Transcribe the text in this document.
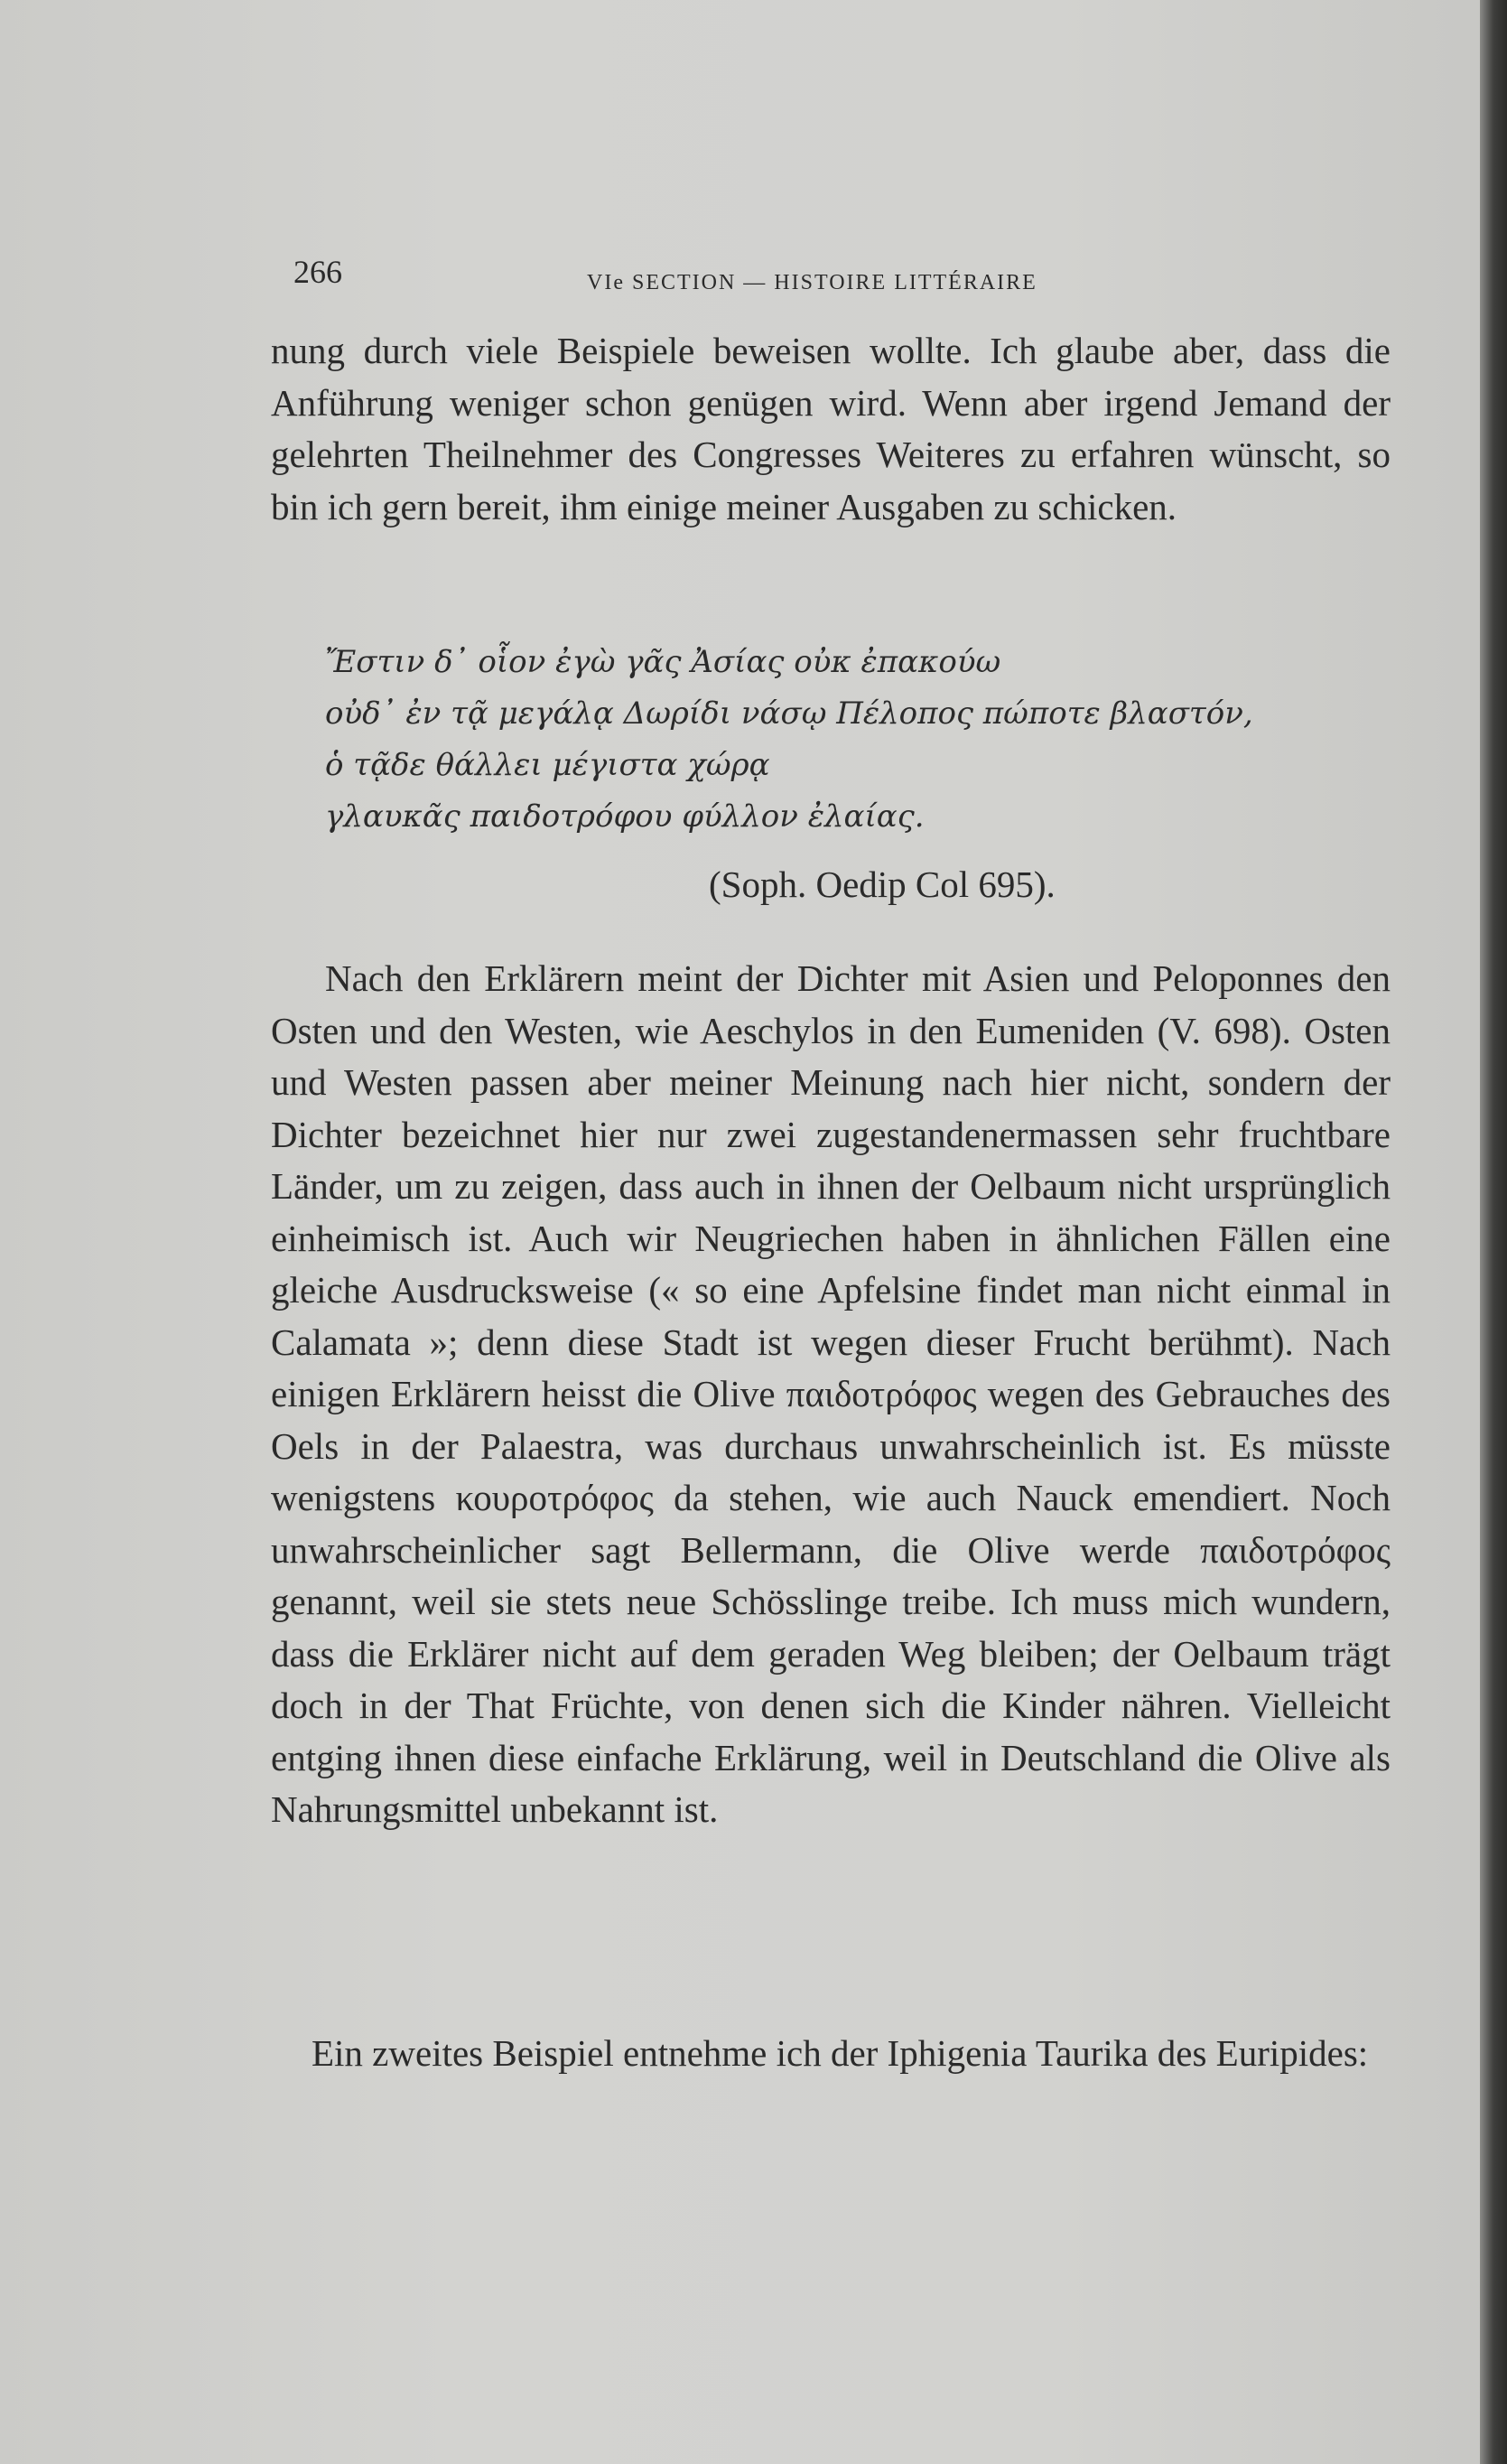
266	VIe SECTION — HISTOIRE LITTÉRAIRE

nung durch viele Beispiele beweisen wollte. Ich glaube aber, dass die Anführung weniger schon genügen wird. Wenn aber irgend Jemand der gelehrten Theilnehmer des Congresses Weiteres zu erfahren wünscht, so bin ich gern bereit, ihm einige meiner Ausgaben zu schicken.

Ἔστιν δ᾽ οἷον ἐγὼ γᾶς Ἀσίας οὐκ ἐπακούω
οὐδ᾽ ἐν τᾷ μεγάλᾳ Δωρίδι νάσῳ Πέλοπος πώποτε βλαστόν,
ὁ τᾷδε θάλλει μέγιστα χώρᾳ
γλαυκᾶς παιδοτρόφου φύλλον ἐλαίας.
(Soph. Oedip Col 695).

Nach den Erklärern meint der Dichter mit Asien und Peloponnes den Osten und den Westen, wie Aeschylos in den Eumeniden (V. 698). Osten und Westen passen aber meiner Meinung nach hier nicht, sondern der Dichter bezeichnet hier nur zwei zugestandenermassen sehr fruchtbare Länder, um zu zeigen, dass auch in ihnen der Oelbaum nicht ursprünglich einheimisch ist. Auch wir Neugriechen haben in ähnlichen Fällen eine gleiche Ausdrucksweise (« so eine Apfelsine findet man nicht einmal in Calamata »; denn diese Stadt ist wegen dieser Frucht berühmt). Nach einigen Erklärern heisst die Olive παιδοτρόφος wegen des Gebrauches des Oels in der Palaestra, was durchaus unwahrscheinlich ist. Es müsste wenigstens κουροτρόφος da stehen, wie auch Nauck emendiert. Noch unwahrscheinlicher sagt Bellermann, die Olive werde παιδοτρόφος genannt, weil sie stets neue Schösslinge treibe. Ich muss mich wundern, dass die Erklärer nicht auf dem geraden Weg bleiben; der Oelbaum trägt doch in der That Früchte, von denen sich die Kinder nähren. Vielleicht entging ihnen diese einfache Erklärung, weil in Deutschland die Olive als Nahrungsmittel unbekannt ist.

Ein zweites Beispiel entnehme ich der Iphigenia Taurika des Euripides:
